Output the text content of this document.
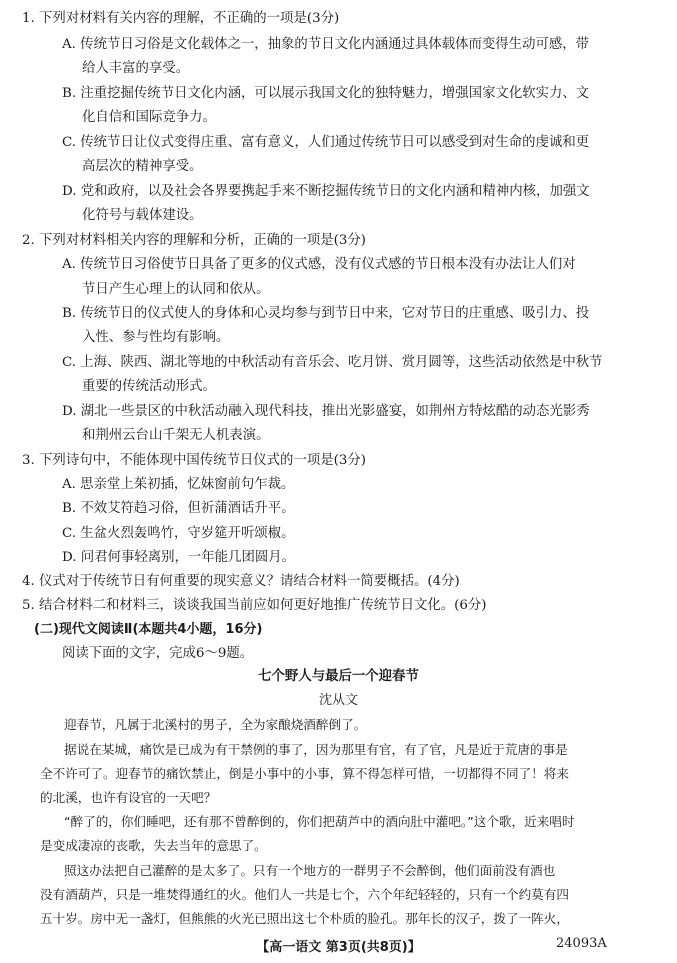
1. 下列对材料有关内容的理解，不正确的一项是(3分)
A. 传统节日习俗是文化载体之一，抽象的节日文化内涵通过具体载体而变得生动可感，带
给人丰富的享受。
B. 注重挖掘传统节日文化内涵，可以展示我国文化的独特魅力，增强国家文化软实力、文
化自信和国际竞争力。
C. 传统节日让仪式变得庄重、富有意义，人们通过传统节日可以感受到对生命的虔诚和更
高层次的精神享受。
D. 党和政府，以及社会各界要携起手来不断挖掘传统节日的文化内涵和精神内核，加强文
化符号与载体建设。
2. 下列对材料相关内容的理解和分析，正确的一项是(3分)
A. 传统节日习俗使节日具备了更多的仪式感，没有仪式感的节日根本没有办法让人们对
节日产生心理上的认同和依从。
B. 传统节日的仪式使人的身体和心灵均参与到节日中来，它对节日的庄重感、吸引力、投
入性、参与性均有影响。
C. 上海、陕西、湖北等地的中秋活动有音乐会、吃月饼、赏月圆等，这些活动依然是中秋节
重要的传统活动形式。
D. 湖北一些景区的中秋活动融入现代科技，推出光影盛宴，如荆州方特炫酷的动态光影秀
和荆州云台山千架无人机表演。
3. 下列诗句中，不能体现中国传统节日仪式的一项是(3分)
A. 思亲堂上茱初插，忆妹窗前句乍裁。
B. 不效艾符趋习俗，但祈蒲酒话升平。
C. 生盆火烈轰鸣竹，守岁筵开听颂椒。
D. 问君何事轻离别，一年能几团圆月。
4. 仪式对于传统节日有何重要的现实意义？请结合材料一简要概括。(4分)
5. 结合材料二和材料三，谈谈我国当前应如何更好地推广传统节日文化。(6分)
(二)现代文阅读Ⅱ(本题共4小题，16分)
阅读下面的文字，完成6～9题。
七个野人与最后一个迎春节
沈从文
迎春节，凡属于北溪村的男子，全为家酿烧酒醉倒了。
据说在某城，痛饮是已成为有干禁例的事了，因为那里有官，有了官，凡是近于荒唐的事是
全不许可了。迎春节的痛饮禁止，倒是小事中的小事，算不得怎样可惜，一切都得不同了！将来
的北溪，也许有设官的一天吧？
“醉了的，你们睡吧，还有那不曾醉倒的，你们把葫芦中的酒向肚中灌吧。”这个歌，近来唱时
是变成凄凉的丧歌，失去当年的意思了。
照这办法把自己灌醉的是太多了。只有一个地方的一群男子不会醉倒，他们面前没有酒也
没有酒葫芦，只是一堆焚得通红的火。他们人一共是七个，六个年纪轻轻的，只有一个约莫有四
五十岁。房中无一盏灯，但熊熊的火光已照出这七个朴质的脸孔。那年长的汉子，拨了一阵火，
【高一语文 第3页(共8页)】	24093A
